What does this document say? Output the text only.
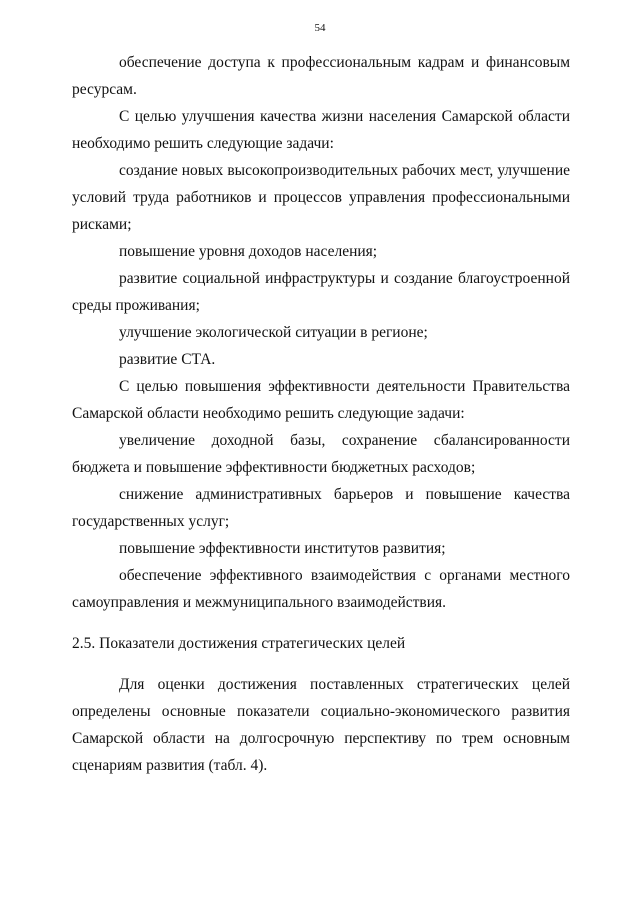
54

обеспечение доступа к профессиональным кадрам и финансовым ресурсам.

С целью улучшения качества жизни населения Самарской области необходимо решить следующие задачи:

создание новых высокопроизводительных рабочих мест, улучшение условий труда работников и процессов управления профессиональными рисками;

повышение уровня доходов населения;

развитие социальной инфраструктуры и создание благоустроенной среды проживания;

улучшение экологической ситуации в регионе;

развитие СТА.

С целью повышения эффективности деятельности Правительства Самарской области необходимо решить следующие задачи:

увеличение доходной базы, сохранение сбалансированности бюджета и повышение эффективности бюджетных расходов;

снижение административных барьеров и повышение качества государственных услуг;

повышение эффективности институтов развития;

обеспечение эффективного взаимодействия с органами местного самоуправления и межмуниципального взаимодействия.

2.5. Показатели достижения стратегических целей

Для оценки достижения поставленных стратегических целей определены основные показатели социально-экономического развития Самарской области на долгосрочную перспективу по трем основным сценариям развития (табл. 4).
